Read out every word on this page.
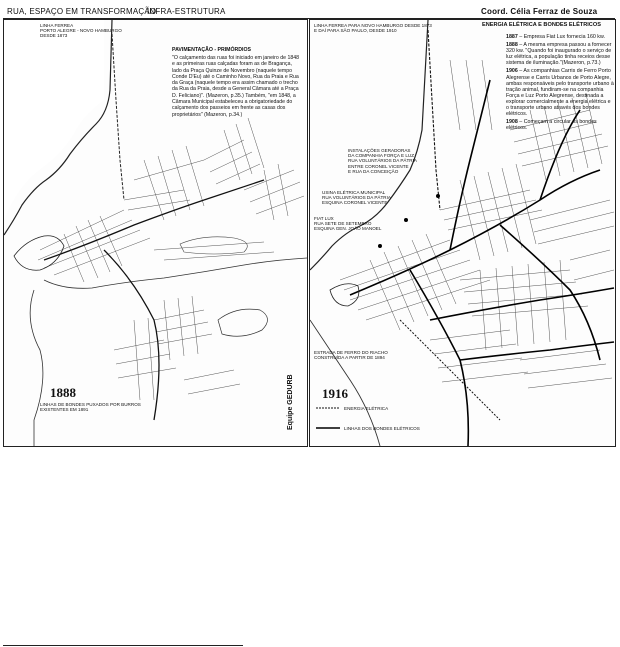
RUA, ESPAÇO EM TRANSFORMAÇÃO
INFRA-ESTRUTURA	Coord. Célia Ferraz de Souza
LINHA FERREA
PORTO ALEGRE - NOVO HAMBURGO
DESDE 1873
PAVIMENTAÇÃO - PRIMÓRDIOS
"O calçamento das ruas foi iniciado em janeiro de 1848 e as primeiras ruas calçadas foram as de Bragança, lado da Praça Quinze de Novembro (naquele tempo Conde D'Eu) até o Caminho Novo, Rua da Praia e Rua da Graça (naquele tempo era assim chamado o trecho da Rua da Praia, desde a General Câmara até a Praça D. Feliciano)". (Mazeron, p.35.) Também, "em 1848, a Câmara Municipal estabeleceu a obrigatoriedade do calçamento dos passeios em frente as casas dos proprietários" (Mazeron, p.34.)
1888
LINHAS DE BONDES PUXADOS POR BURROS
EXISTENTES EM 1891	Equipe GEDURB
LINHA FERREA PARA NOVO HAMBURGO DESDE 1873
E DAÍ PARA SÃO PAULO, DESDE 1910
ENERGIA ELÉTRICA E BONDES ELÉTRICOS
1887 – Empresa Fiat Lux fornecia 160 kw.
1888 – A mesma empresa passou a fornecer 320 kw. "Quando foi inaugurado o serviço de luz elétrica, a população tinha receios desse sistema de iluminação."(Mazeron, p.73.)
1906 – As companhias Carris de Ferro Porto Alegrense e Carris Urbanos de Porto Alegre, ambas responsáveis pelo transporte urbano à tração animal, fundiram-se na companhia Força e Luz Porto Alegrense, destinada a explorar comercialmente a energia elétrica e o transporte urbano através dos bondes elétricos.
1908 – Começam a circular os bondes elétricos.
INSTALAÇÕES GERADORAS
DA COMPANHIA FORÇA E LUZ
RUA VOLUNTÁRIOS DA PÁTRIA
ENTRE CORONEL VICENTE
E RUA DA CONCEIÇÃO
USINA ELÉTRICA MUNICIPAL
RUA VOLUNTÁRIOS DA PÁTRIA
ESQUINA CORONEL VICENTE
FIAT LUX
RUA SETE DE SETEMBRO
ESQUINA GEN. JOÃO MANOEL
ESTRADA DE FERRO DO RIACHO
CONSTRUÍDA A PARTIR DE 1894
1916
ENERGIA ELÉTRICA
LINHAS DOS BONDES ELÉTRICOS
